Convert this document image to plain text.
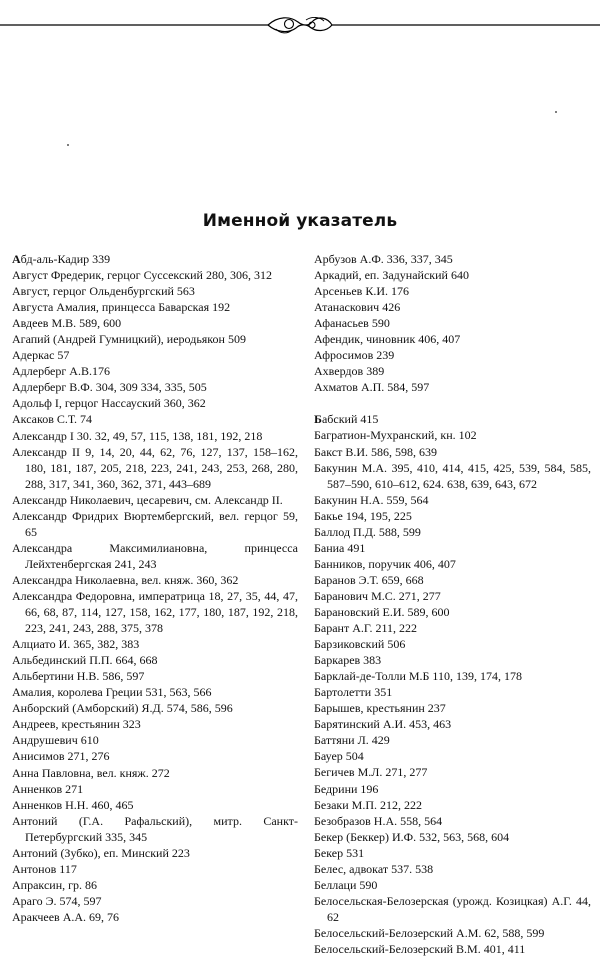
Именной указатель

Абд-аль-Кадир 339

Август Фредерик, герцог Суссекский 280, 306, 312

Август, герцог Ольденбургский 563

Августа Амалия, принцесса Баварская 192

Авдеев М.В. 589, 600

Агапий (Андрей Гумницкий), иеродьякон 509

Адеркас 57

Адлерберг А.В.176

Адлерберг В.Ф. 304, 309 334, 335, 505

Адольф I, герцог Нассауский 360, 362

Аксаков С.Т. 74

Александр I 30. 32, 49, 57, 115, 138, 181, 192, 218

Александр II 9, 14, 20, 44, 62, 76, 127, 137, 158–162, 180, 181, 187, 205, 218, 223, 241, 243, 253, 268, 280, 288, 317, 341, 360, 362, 371, 443–689

Александр Николаевич, цесаревич, см. Александр II.

Александр Фридрих Вюртембергский, вел. герцог 59, 65

Александра Максимилиановна, принцесса Лейхтенбергская 241, 243

Александра Николаевна, вел. княж. 360, 362

Александра Федоровна, императрица 18, 27, 35, 44, 47, 66, 68, 87, 114, 127, 158, 162, 177, 180, 187, 192, 218, 223, 241, 243, 288, 375, 378

Алциато И. 365, 382, 383

Альбединский П.П. 664, 668

Альбертини Н.В. 586, 597

Амалия, королева Греции 531, 563, 566

Анборский (Амборский) Я.Д. 574, 586, 596

Андреев, крестьянин 323

Андрушевич 610

Анисимов 271, 276

Анна Павловна, вел. княж. 272

Анненков 271

Анненков Н.Н. 460, 465

Антоний (Г.А. Рафальский), митр. Санкт-Петербургский 335, 345

Антоний (Зубко), еп. Минский 223

Антонов 117

Апраксин, гр. 86

Араго Э. 574, 597

Аракчеев А.А. 69, 76

Арбузов А.Ф. 336, 337, 345

Аркадий, еп. Задунайский 640

Арсеньев К.И. 176

Атанаскович 426

Афанасьев 590

Афендик, чиновник 406, 407

Афросимов 239

Ахвердов 389

Ахматов А.П. 584, 597

Бабский 415

Багратион-Мухранский, кн. 102

Бакст В.И. 586, 598, 639

Бакунин М.А. 395, 410, 414, 415, 425, 539, 584, 585, 587–590, 610–612, 624. 638, 639, 643, 672

Бакунин Н.А. 559, 564

Бакье 194, 195, 225

Баллод П.Д. 588, 599

Баниа 491

Банников, поручик 406, 407

Баранов Э.Т. 659, 668

Баранович М.С. 271, 277

Барановский Е.И. 589, 600

Барант А.Г. 211, 222

Барзиковский 506

Баркарев 383

Барклай-де-Толли М.Б 110, 139, 174, 178

Бартолетти 351

Барышев, крестьянин 237

Барятинский А.И. 453, 463

Баттяни Л. 429

Бауер 504

Бегичев М.Л. 271, 277

Бедрини 196

Безаки М.П. 212, 222

Безобразов Н.А. 558, 564

Бекер (Беккер) И.Ф. 532, 563, 568, 604

Бекер 531

Белес, адвокат 537. 538

Беллаци 590

Белосельская-Белозерская (урожд. Козицкая) А.Г. 44, 62

Белосельский-Белозерский А.М. 62, 588, 599

Белосельский-Белозерский В.М. 401, 411
